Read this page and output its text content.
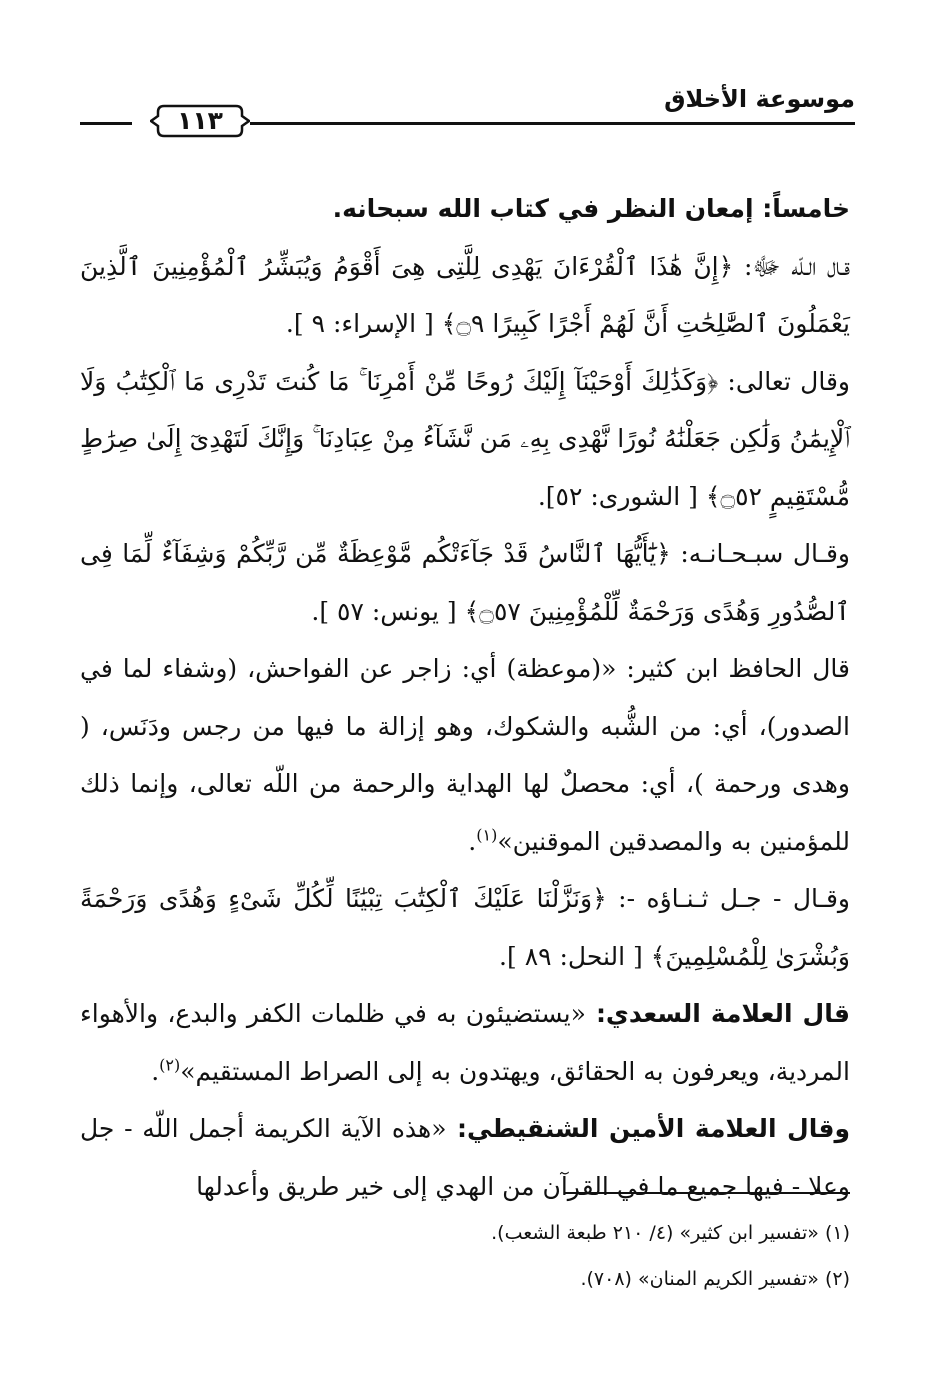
موسوعة الأخلاق
١١٣

خامساً: إمعان النظر في كتاب الله سبحانه.

قـال الـلّه ﷻ: ﴿إِنَّ هَٰذَا ٱلْقُرْءَانَ يَهْدِى لِلَّتِى هِىَ أَقْوَمُ وَيُبَشِّرُ ٱلْمُؤْمِنِينَ ٱلَّذِينَ يَعْمَلُونَ ٱلصَّٰلِحَٰتِ أَنَّ لَهُمْ أَجْرًا كَبِيرًا ۝٩﴾ [ الإسراء: ٩ ].

وقال تعالى: ﴿وَكَذَٰلِكَ أَوْحَيْنَآ إِلَيْكَ رُوحًا مِّنْ أَمْرِنَا ۚ مَا كُنتَ تَدْرِى مَا ٱلْكِتَٰبُ وَلَا ٱلْإِيمَٰنُ وَلَٰكِن جَعَلْنَٰهُ نُورًا نَّهْدِى بِهِۦ مَن نَّشَآءُ مِنْ عِبَادِنَا ۚ وَإِنَّكَ لَتَهْدِىٓ إِلَىٰ صِرَٰطٍ مُّسْتَقِيمٍ ۝٥٢﴾ [ الشورى: ٥٢].

وقـال سبـحـانـه: ﴿يَٰٓأَيُّهَا ٱلنَّاسُ قَدْ جَآءَتْكُم مَّوْعِظَةٌ مِّن رَّبِّكُمْ وَشِفَآءٌ لِّمَا فِى ٱلصُّدُورِ وَهُدًى وَرَحْمَةٌ لِّلْمُؤْمِنِينَ ۝٥٧﴾ [ يونس: ٥٧ ].

قال الحافظ ابن كثير: «(موعظة) أي: زاجر عن الفواحش، (وشفاء لما في الصدور)، أي: من الشُّبه والشكوك، وهو إزالة ما فيها من رجس ودَنَس، ( وهدى ورحمة )، أي: محصلٌ لها الهداية والرحمة من اللّه تعالى، وإنما ذلك للمؤمنين به والمصدقين الموقنين»$^{(١)}$.

وقـال - جـل ثـنـاؤه -: ﴿وَنَزَّلْنَا عَلَيْكَ ٱلْكِتَٰبَ تِبْيَٰنًا لِّكُلِّ شَىْءٍ وَهُدًى وَرَحْمَةً وَبُشْرَىٰ لِلْمُسْلِمِينَ﴾ [ النحل: ٨٩ ].

قال العلامة السعدي: «يستضيئون به في ظلمات الكفر والبدع، والأهواء المردية، ويعرفون به الحقائق، ويهتدون به إلى الصراط المستقيم»$^{(٢)}$.

وقال العلامة الأمين الشنقيطي: «هذه الآية الكريمة أجمل اللّه - جل وعلا - فيها جميع ما في القرآن من الهدي إلى خير طريق وأعدلها

(١) «تفسير ابن كثير» (٤/ ٢١٠ طبعة الشعب).

(٢) «تفسير الكريم المنان» (٧٠٨).
